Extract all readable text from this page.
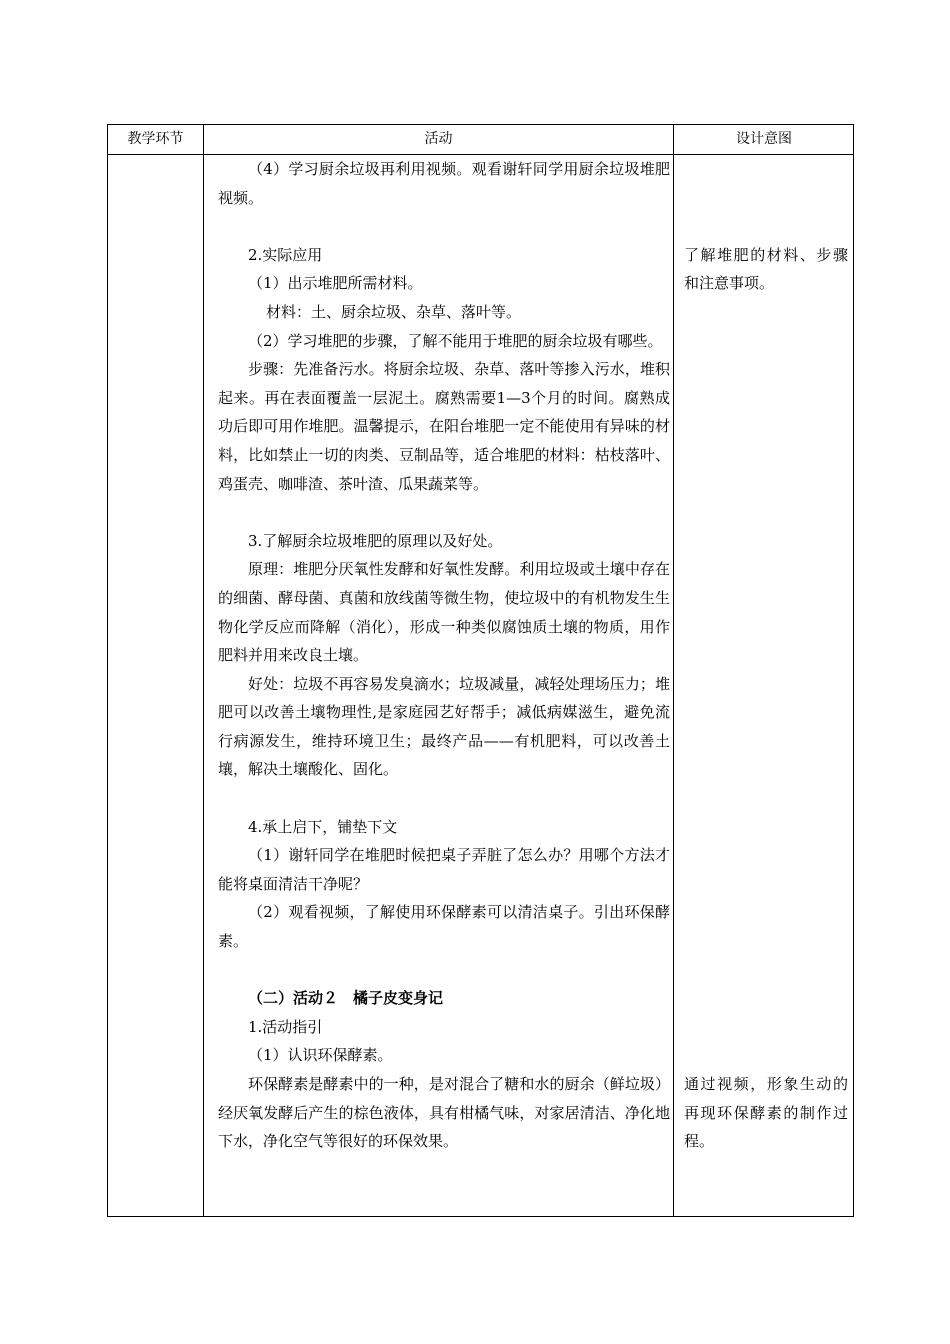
教学环节	活动	设计意图

（4）学习厨余垃圾再利用视频。观看谢轩同学用厨余垃圾堆肥视频。

2.实际应用

（1）出示堆肥所需材料。

材料：土、厨余垃圾、杂草、落叶等。

（2）学习堆肥的步骤，了解不能用于堆肥的厨余垃圾有哪些。

步骤：先准备污水。将厨余垃圾、杂草、落叶等掺入污水，堆积起来。再在表面覆盖一层泥土。腐熟需要1—3个月的时间。腐熟成功后即可用作堆肥。温馨提示，在阳台堆肥一定不能使用有异味的材料，比如禁止一切的肉类、豆制品等，适合堆肥的材料：枯枝落叶、鸡蛋壳、咖啡渣、茶叶渣、瓜果蔬菜等。

3.了解厨余垃圾堆肥的原理以及好处。

原理：堆肥分厌氧性发酵和好氧性发酵。利用垃圾或土壤中存在的细菌、酵母菌、真菌和放线菌等微生物，使垃圾中的有机物发生生物化学反应而降解（消化），形成一种类似腐蚀质土壤的物质，用作肥料并用来改良土壤。

好处：垃圾不再容易发臭滴水；垃圾减量，减轻处理场压力；堆肥可以改善土壤物理性,是家庭园艺好帮手；减低病媒滋生，避免流行病源发生，维持环境卫生；最终产品——有机肥料，可以改善土壤，解决土壤酸化、固化。

4.承上启下，铺垫下文

（1）谢轩同学在堆肥时候把桌子弄脏了怎么办？用哪个方法才能将桌面清洁干净呢？

（2）观看视频，了解使用环保酵素可以清洁桌子。引出环保酵素。

（二）活动２　橘子皮变身记

1.活动指引

（1）认识环保酵素。

环保酵素是酵素中的一种，是对混合了糖和水的厨余（鲜垃圾） 经厌氧发酵后产生的棕色液体，具有柑橘气味，对家居清洁、净化地下水，净化空气等很好的环保效果。

了解堆肥的材料、步骤和注意事项。

通过视频，形象生动的再现环保酵素的制作过程。
